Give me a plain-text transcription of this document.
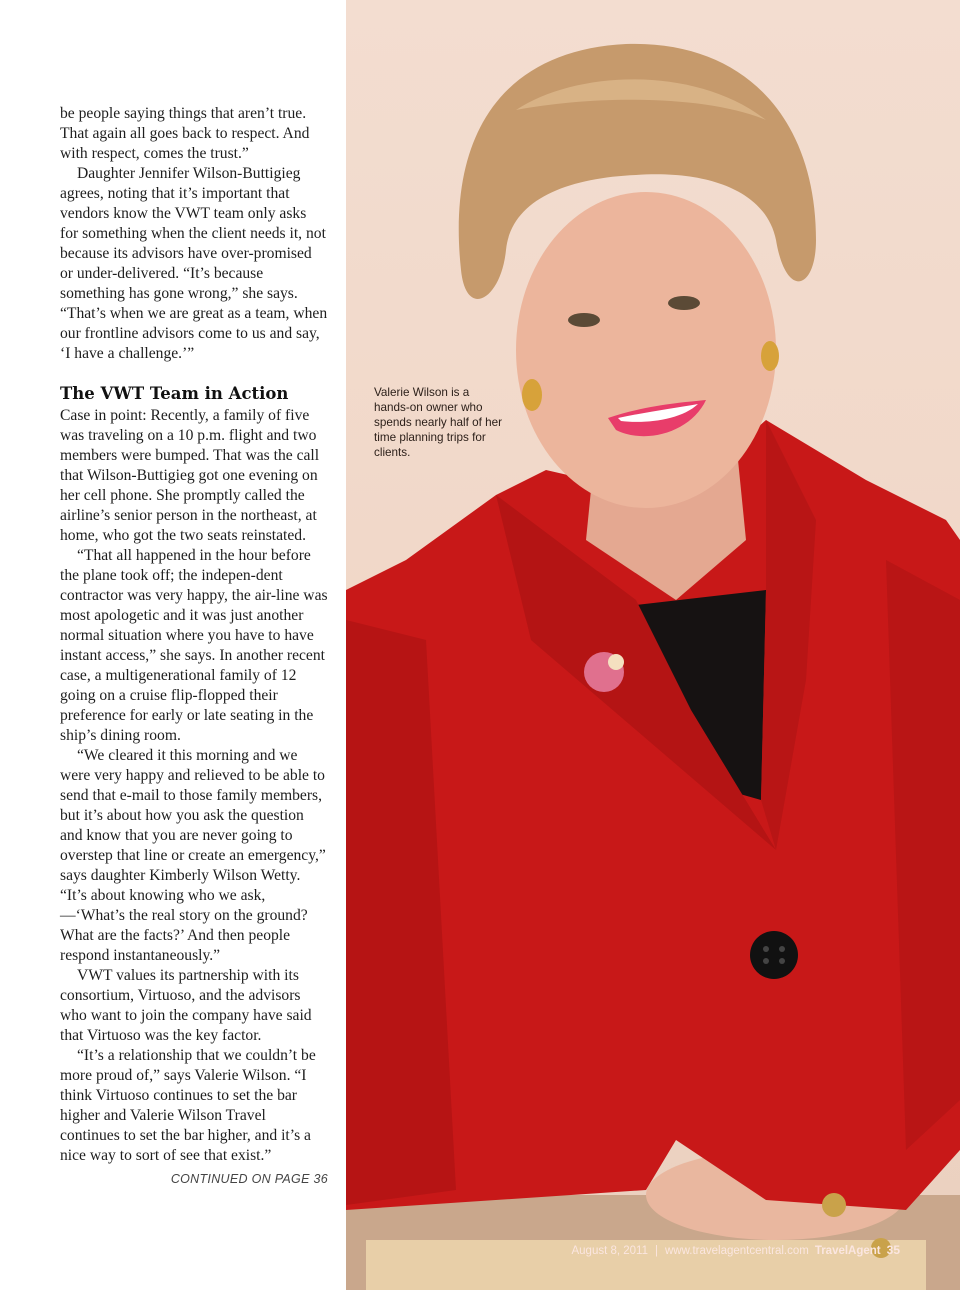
be people saying things that aren’t true. That again all goes back to respect. And with respect, comes the trust.”

Daughter Jennifer Wilson-Buttigieg agrees, noting that it’s important that vendors know the VWT team only asks for something when the client needs it, not because its advisors have over-promised or under-delivered. “It’s because something has gone wrong,” she says. “That’s when we are great as a team, when our frontline advisors come to us and say, ‘I have a challenge.’”

The VWT Team in Action

Case in point: Recently, a family of five was traveling on a 10 p.m. flight and two members were bumped. That was the call that Wilson-Buttigieg got one evening on her cell phone. She promptly called the airline’s senior person in the northeast, at home, who got the two seats reinstated.

“That all happened in the hour before the plane took off; the indepen-dent contractor was very happy, the air-line was most apologetic and it was just another normal situation where you have to have instant access,” she says. In another recent case, a multigenerational family of 12 going on a cruise flip-flopped their preference for early or late seating in the ship’s dining room.

“We cleared it this morning and we were very happy and relieved to be able to send that e-mail to those family members, but it’s about how you ask the question and know that you are never going to overstep that line or create an emergency,” says daughter Kimberly Wilson Wetty. “It’s about knowing who we ask,—‘What’s the real story on the ground? What are the facts?’ And then people respond instantaneously.”

VWT values its partnership with its consortium, Virtuoso, and the advisors who want to join the company have said that Virtuoso was the key factor.

“It’s a relationship that we couldn’t be more proud of,” says Valerie Wilson. “I think Virtuoso continues to set the bar higher and Valerie Wilson Travel continues to set the bar higher, and it’s a nice way to sort of see that exist.”

CONTINUED ON PAGE 36
Valerie Wilson is a hands-on owner who spends nearly half of her time planning trips for clients.
August 8, 2011 | www.travelagentcentral.com TravelAgent 35
